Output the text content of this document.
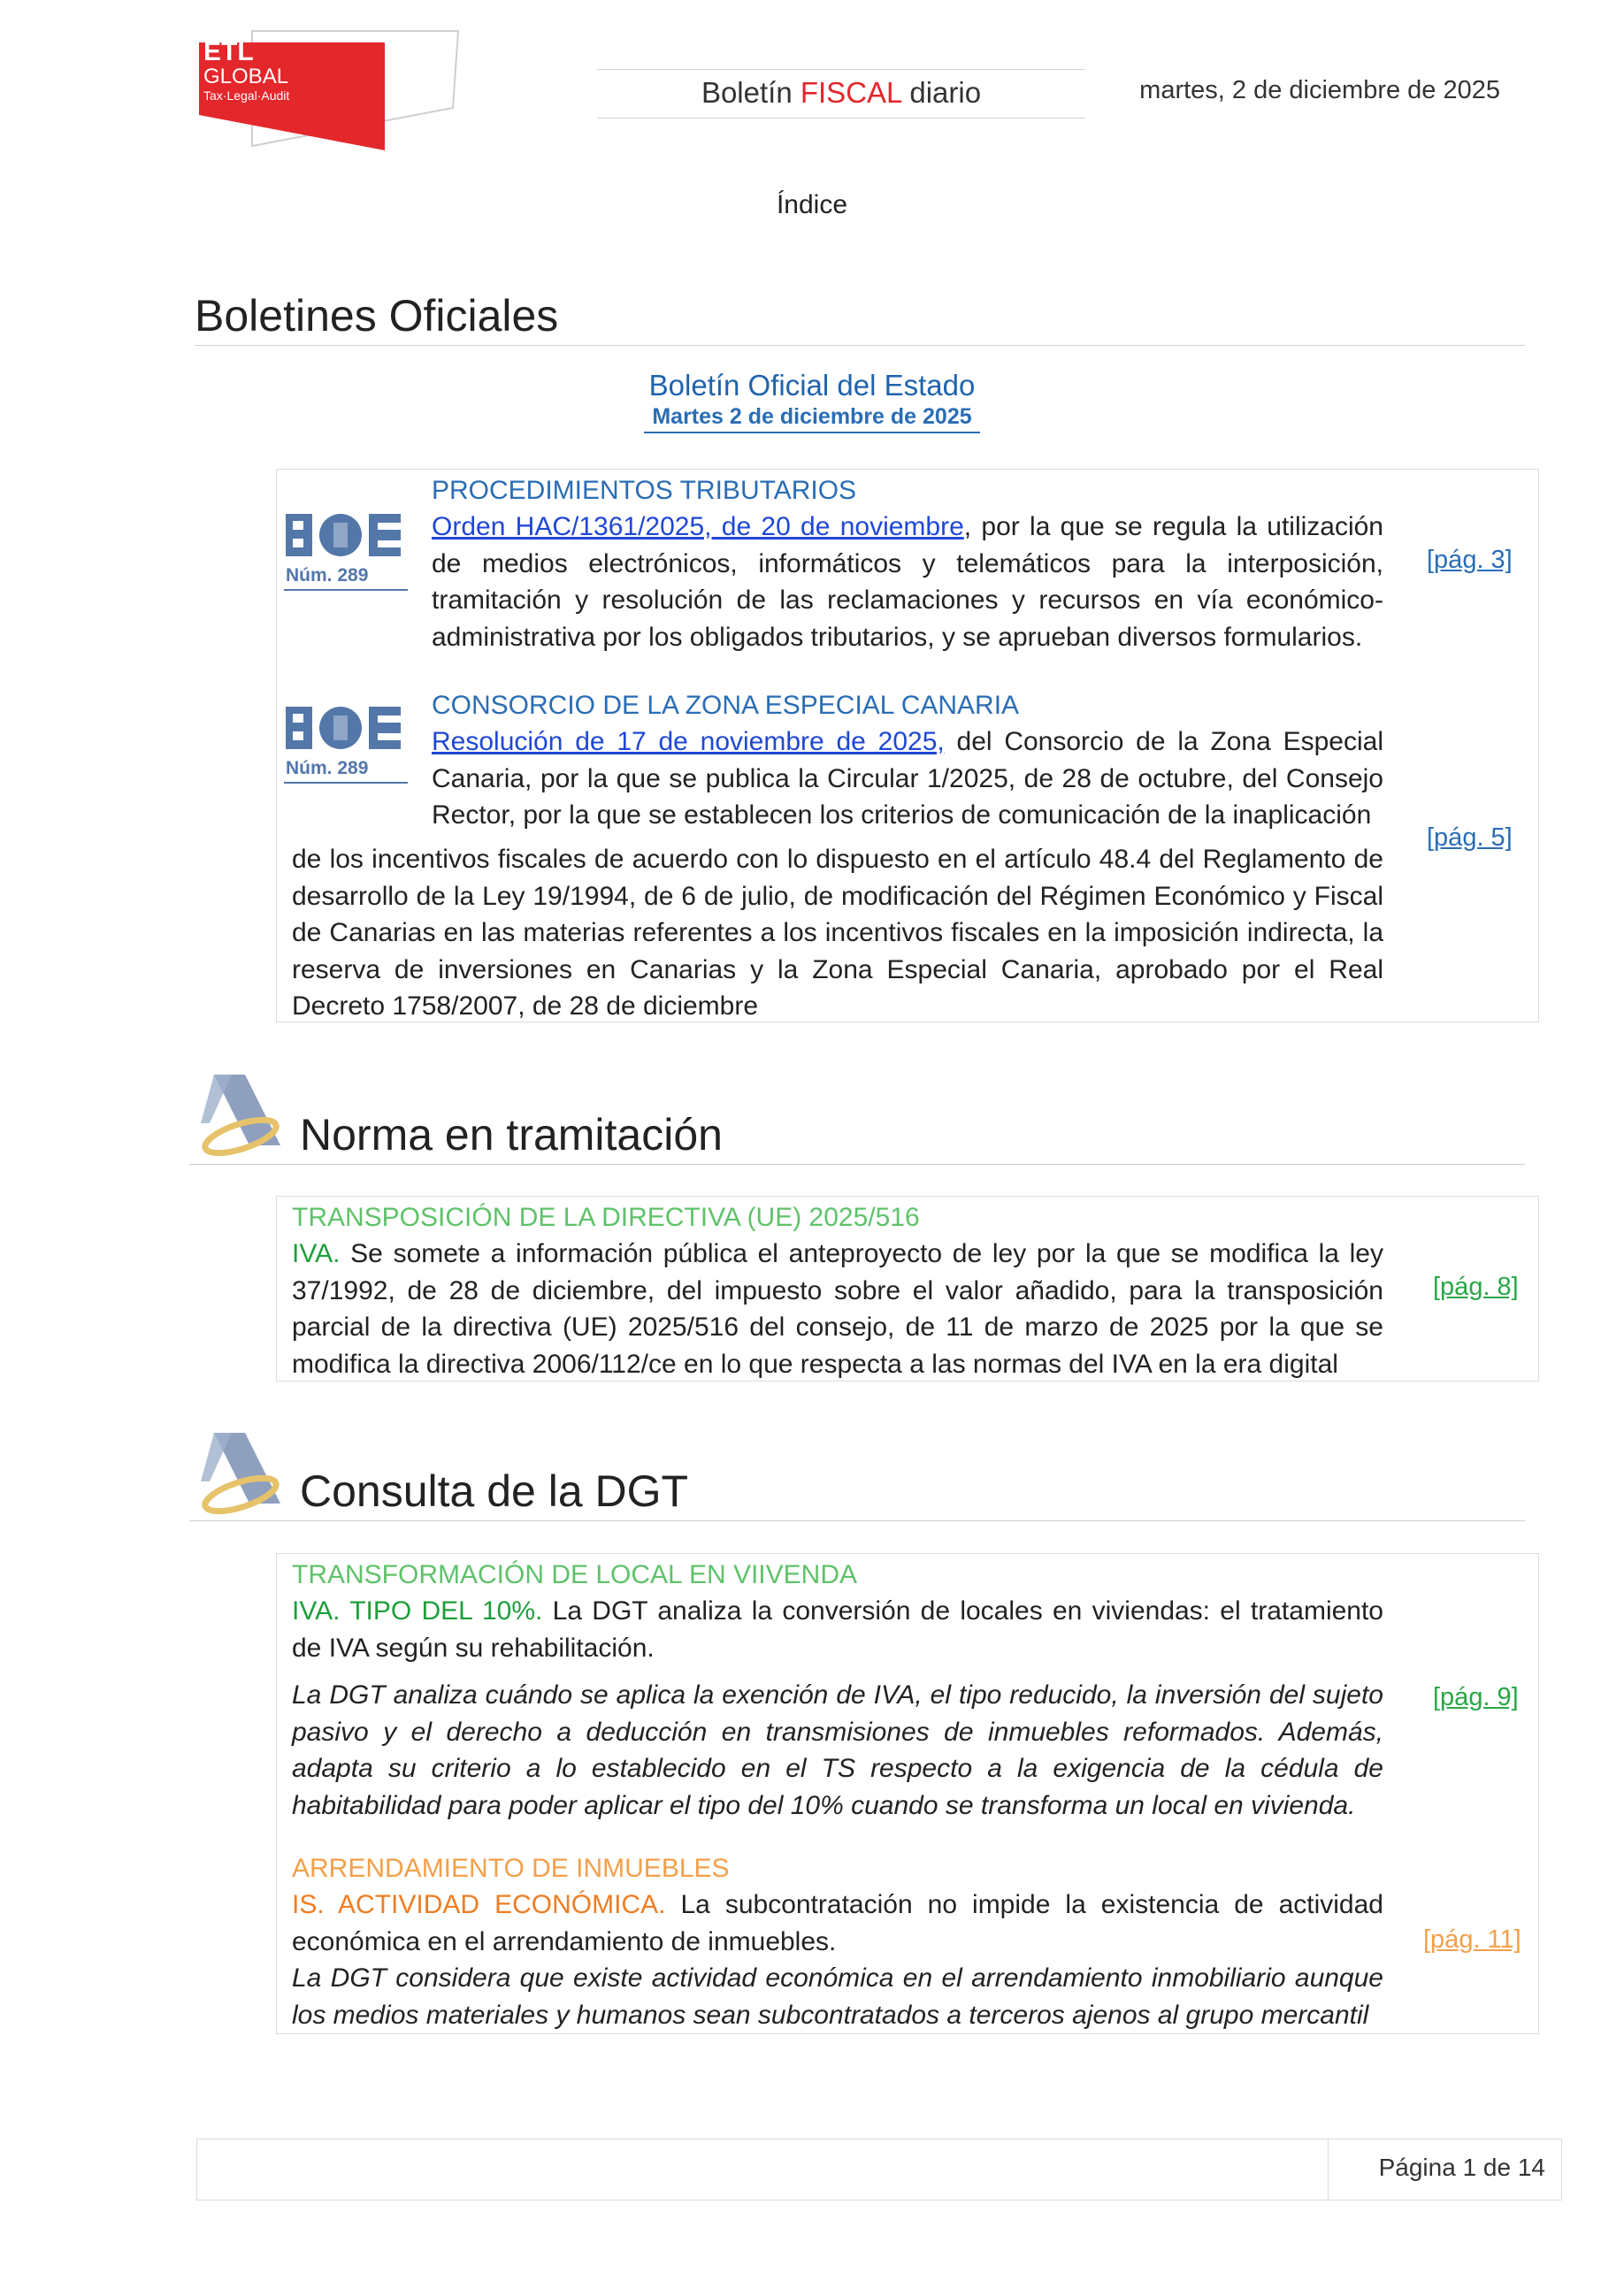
ETL
GLOBAL
Tax·Legal·Audit	Boletín FISCAL diario	martes, 2 de diciembre de 2025
Índice
Boletines Oficiales
Boletín Oficial del Estado
Martes 2 de diciembre de 2025
Núm. 289
PROCEDIMIENTOS TRIBUTARIOS
Orden HAC/1361/2025, de 20 de noviembre, por la que se regula la utilización de medios electrónicos, informáticos y telemáticos para la interposición, tramitación y resolución de las reclamaciones y recursos en vía económico-administrativa por los obligados tributarios, y se aprueban diversos formularios.
[pág. 3]
Núm. 289
CONSORCIO DE LA ZONA ESPECIAL CANARIA
Resolución de 17 de noviembre de 2025, del Consorcio de la Zona Especial Canaria, por la que se publica la Circular 1/2025, de 28 de octubre, del Consejo Rector, por la que se establecen los criterios de comunicación de la inaplicación
de los incentivos fiscales de acuerdo con lo dispuesto en el artículo 48.4 del Reglamento de desarrollo de la Ley 19/1994, de 6 de julio, de modificación del Régimen Económico y Fiscal de Canarias en las materias referentes a los incentivos fiscales en la imposición indirecta, la reserva de inversiones en Canarias y la Zona Especial Canaria, aprobado por el Real Decreto 1758/2007, de 28 de diciembre
[pág. 5]
Norma en tramitación
TRANSPOSICIÓN DE LA DIRECTIVA (UE) 2025/516
IVA. Se somete a información pública el anteproyecto de ley por la que se modifica la ley 37/1992, de 28 de diciembre, del impuesto sobre el valor añadido, para la transposición parcial de la directiva (UE) 2025/516 del consejo, de 11 de marzo de 2025 por la que se modifica la directiva 2006/112/ce en lo que respecta a las normas del IVA en la era digital
[pág. 8]
Consulta de la DGT
TRANSFORMACIÓN DE LOCAL EN VIIVENDA
IVA. TIPO DEL 10%. La DGT analiza la conversión de locales en viviendas: el tratamiento de IVA según su rehabilitación.
La DGT analiza cuándo se aplica la exención de IVA, el tipo reducido, la inversión del sujeto pasivo y el derecho a deducción en transmisiones de inmuebles reformados. Además, adapta su criterio a lo establecido en el TS respecto a la exigencia de la cédula de habitabilidad para poder aplicar el tipo del 10% cuando se transforma un local en vivienda.
[pág. 9]
ARRENDAMIENTO DE INMUEBLES
IS. ACTIVIDAD ECONÓMICA. La subcontratación no impide la existencia de actividad económica en el arrendamiento de inmuebles.
La DGT considera que existe actividad económica en el arrendamiento inmobiliario aunque los medios materiales y humanos sean subcontratados a terceros ajenos al grupo mercantil
[pág. 11]
Página 1 de 14
